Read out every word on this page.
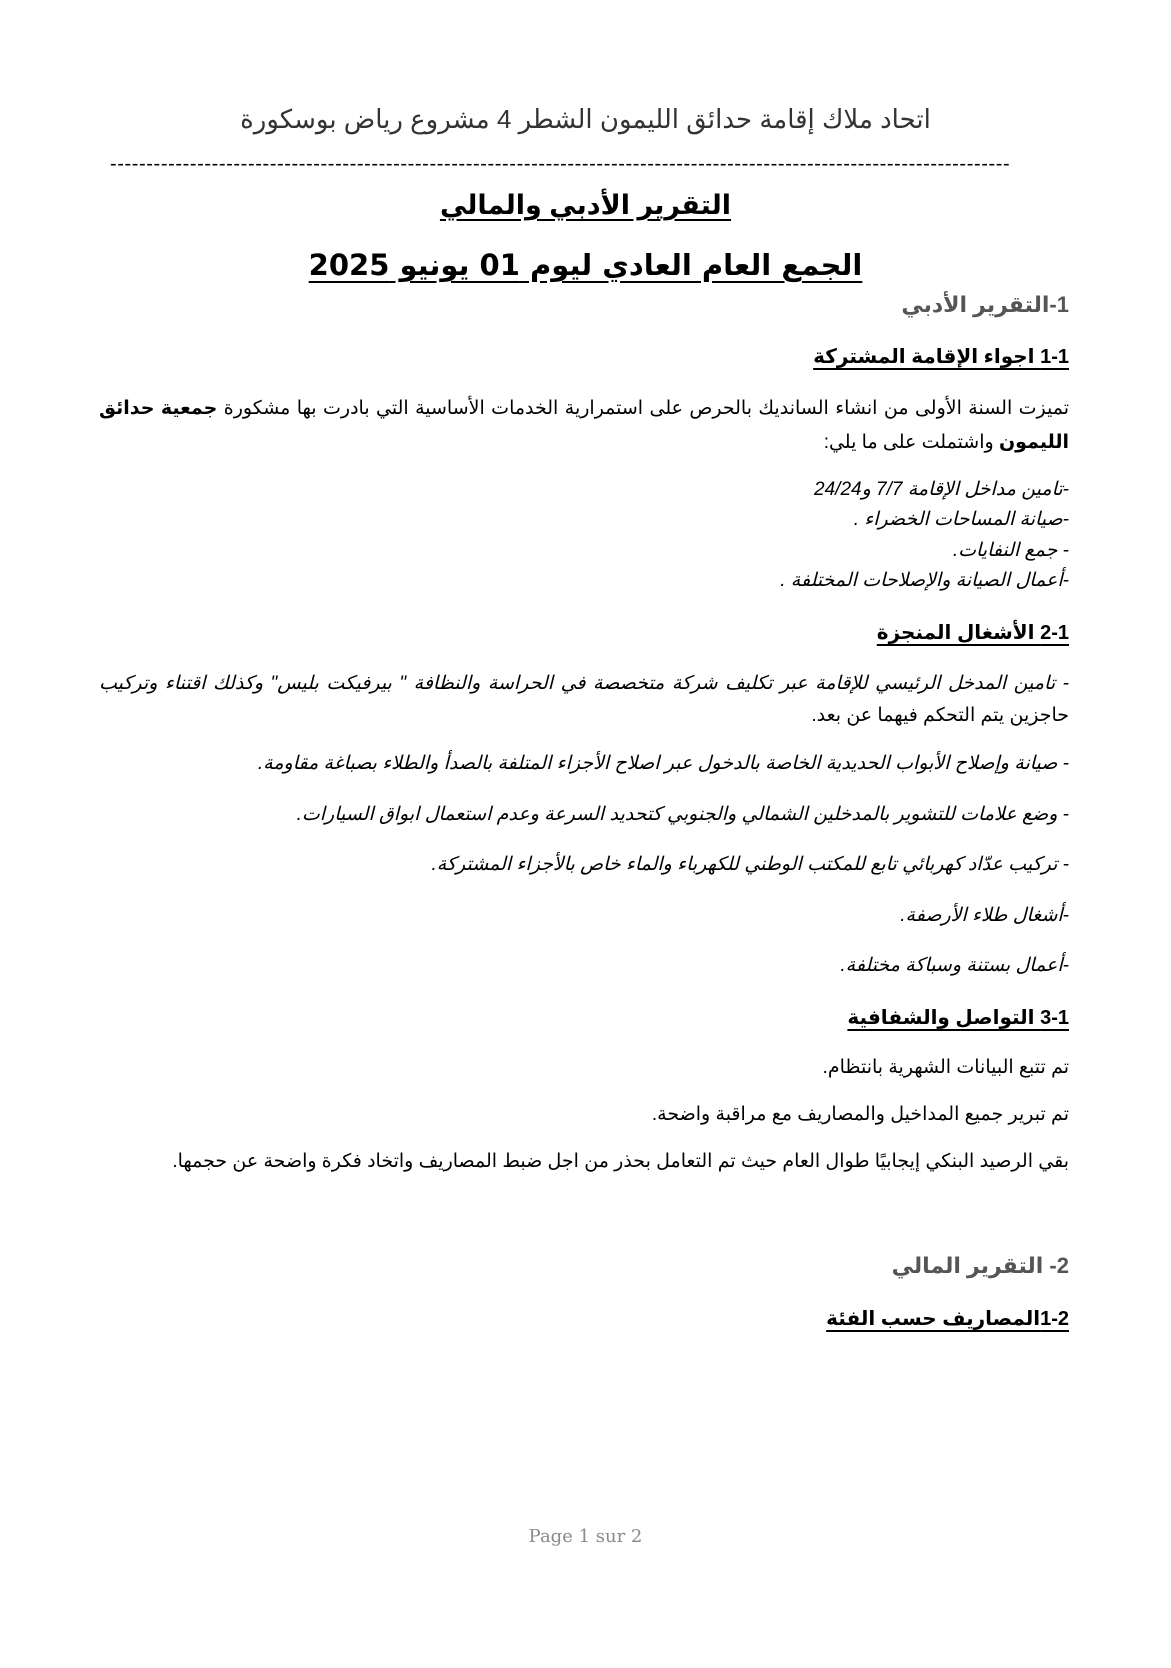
اتحاد ملاك إقامة حدائق الليمون الشطر 4 مشروع رياض بوسكورة
----------------------------------------------------------------------------------------------------------------------------
التقرير الأدبي والمالي
الجمع العام العادي ليوم 01 يونيو 2025
1-التقرير الأدبي
1-1 اجواء الإقامة المشتركة
تميزت السنة الأولى من انشاء السانديك بالحرص على استمرارية الخدمات الأساسية التي بادرت بها مشكورة جمعية حدائق الليمون واشتملت على ما يلي:
-تامين مداخل الإقامة 7/7 و24/24
-صيانة المساحات الخضراء .
- جمع النفايات.
-أعمال الصيانة والإصلاحات المختلفة .
2-1 الأشغال المنجزة
- تامين المدخل الرئيسي للإقامة عبر تكليف شركة متخصصة في الحراسة والنظافة " بيرفيكت بليس" وكذلك اقتناء وتركيب حاجزين يتم التحكم فيهما عن بعد.
- صيانة وإصلاح الأبواب الحديدية الخاصة بالدخول عبر اصلاح الأجزاء المتلفة بالصدأ والطلاء بصباغة مقاومة.
- وضع علامات للتشوير بالمدخلين الشمالي والجنوبي كتحديد السرعة وعدم استعمال ابواق السيارات.
- تركيب عدّاد كهربائي تابع للمكتب الوطني للكهرباء والماء خاص بالأجزاء المشتركة.
-أشغال طلاء الأرصفة.
-أعمال بستنة وسباكة مختلفة.
3-1 التواصل والشفافية
تم تتبع البيانات الشهرية بانتظام.
تم تبرير جميع المداخيل والمصاريف مع مراقبة واضحة.
بقي الرصيد البنكي إيجابيًا طوال العام حيث تم التعامل بحذر من اجل ضبط المصاريف واتخاد فكرة واضحة عن حجمها.
2- التقرير المالي
1-2المصاريف حسب الفئة
Page 1 sur 2
